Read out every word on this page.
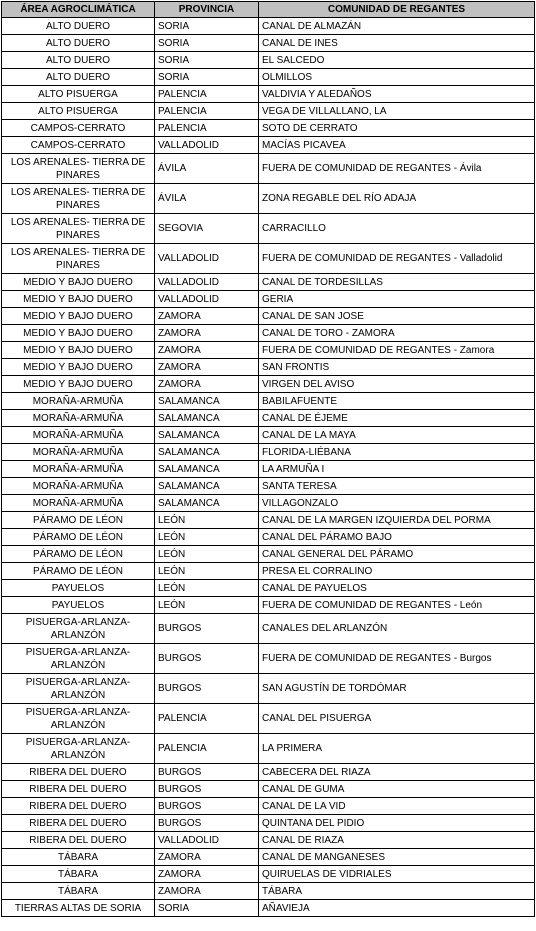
ÁREA AGROCLIMÁTICA	PROVINCIA	COMUNIDAD DE REGANTES
ALTO DUERO	SORIA	CANAL DE ALMAZÁN
ALTO DUERO	SORIA	CANAL DE INES
ALTO DUERO	SORIA	EL SALCEDO
ALTO DUERO	SORIA	OLMILLOS
ALTO PISUERGA	PALENCIA	VALDIVIA Y ALEDAÑOS
ALTO PISUERGA	PALENCIA	VEGA DE VILLALLANO, LA
CAMPOS-CERRATO	PALENCIA	SOTO DE CERRATO
CAMPOS-CERRATO	VALLADOLID	MACÍAS PICAVEA
LOS ARENALES- TIERRA DE PINARES	ÁVILA	FUERA DE COMUNIDAD DE REGANTES - Ávila
LOS ARENALES- TIERRA DE PINARES	ÁVILA	ZONA REGABLE DEL RÍO ADAJA
LOS ARENALES- TIERRA DE PINARES	SEGOVIA	CARRACILLO
LOS ARENALES- TIERRA DE PINARES	VALLADOLID	FUERA DE COMUNIDAD DE REGANTES - Valladolid
MEDIO Y BAJO DUERO	VALLADOLID	CANAL DE TORDESILLAS
MEDIO Y BAJO DUERO	VALLADOLID	GERIA
MEDIO Y BAJO DUERO	ZAMORA	CANAL DE SAN JOSE
MEDIO Y BAJO DUERO	ZAMORA	CANAL DE TORO - ZAMORA
MEDIO Y BAJO DUERO	ZAMORA	FUERA DE COMUNIDAD DE REGANTES - Zamora
MEDIO Y BAJO DUERO	ZAMORA	SAN FRONTIS
MEDIO Y BAJO DUERO	ZAMORA	VIRGEN DEL AVISO
MORAÑA-ARMUÑA	SALAMANCA	BABILAFUENTE
MORAÑA-ARMUÑA	SALAMANCA	CANAL DE ÉJEME
MORAÑA-ARMUÑA	SALAMANCA	CANAL DE LA MAYA
MORAÑA-ARMUÑA	SALAMANCA	FLORIDA-LIÉBANA
MORAÑA-ARMUÑA	SALAMANCA	LA ARMUÑA I
MORAÑA-ARMUÑA	SALAMANCA	SANTA TERESA
MORAÑA-ARMUÑA	SALAMANCA	VILLAGONZALO
PÁRAMO DE LÉON	LEÓN	CANAL DE LA MARGEN IZQUIERDA DEL PORMA
PÁRAMO DE LÉON	LEÓN	CANAL DEL PÁRAMO BAJO
PÁRAMO DE LÉON	LEÓN	CANAL GENERAL DEL PÁRAMO
PÁRAMO DE LÉON	LEÓN	PRESA EL CORRALINO
PAYUELOS	LEÓN	CANAL DE PAYUELOS
PAYUELOS	LEÓN	FUERA DE COMUNIDAD DE REGANTES - León
PISUERGA-ARLANZA-ARLANZÓN	BURGOS	CANALES DEL ARLANZÓN
PISUERGA-ARLANZA-ARLANZÓN	BURGOS	FUERA DE COMUNIDAD DE REGANTES - Burgos
PISUERGA-ARLANZA-ARLANZÓN	BURGOS	SAN AGUSTÍN DE TORDÓMAR
PISUERGA-ARLANZA-ARLANZÓN	PALENCIA	CANAL DEL PISUERGA
PISUERGA-ARLANZA-ARLANZÓN	PALENCIA	LA PRIMERA
RIBERA DEL DUERO	BURGOS	CABECERA DEL RIAZA
RIBERA DEL DUERO	BURGOS	CANAL DE GUMA
RIBERA DEL DUERO	BURGOS	CANAL DE LA VID
RIBERA DEL DUERO	BURGOS	QUINTANA DEL PIDIO
RIBERA DEL DUERO	VALLADOLID	CANAL DE RIAZA
TÁBARA	ZAMORA	CANAL DE MANGANESES
TÁBARA	ZAMORA	QUIRUELAS DE VIDRIALES
TÁBARA	ZAMORA	TÁBARA
TIERRAS ALTAS DE SORIA	SORIA	AÑAVIEJA
